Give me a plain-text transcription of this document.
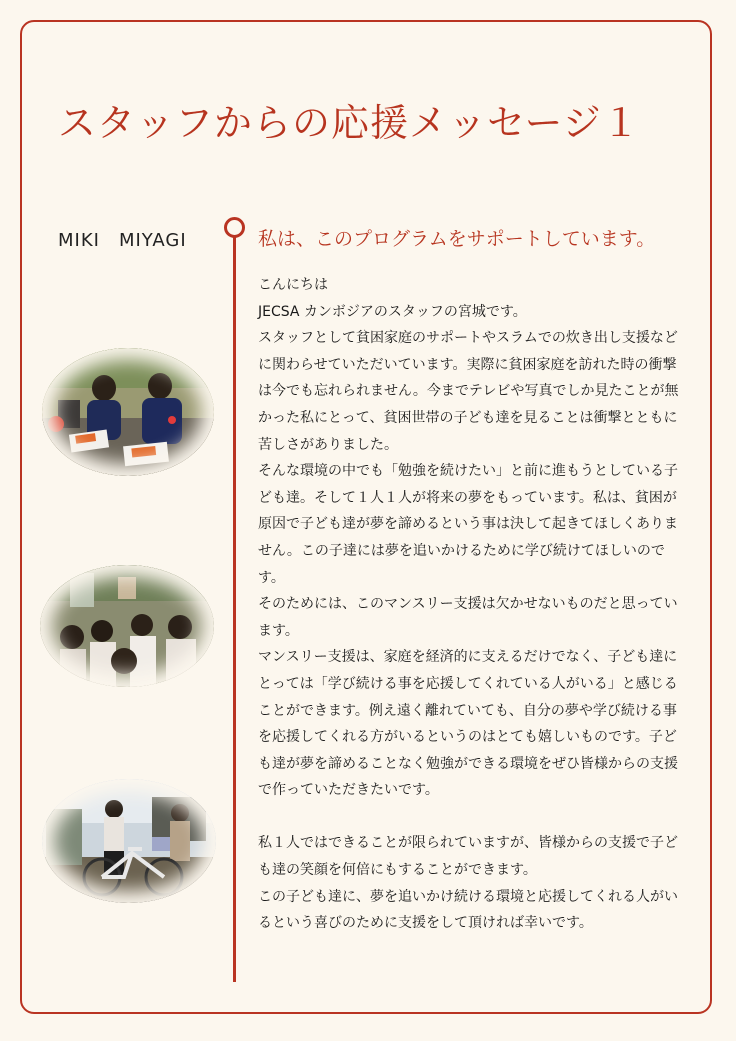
スタッフからの応援メッセージ１
MIKI　MIYAGI	私は、このプログラムをサポートしています。

こんにちは

JECSA カンボジアのスタッフの宮城です。

スタッフとして貧困家庭のサポートやスラムでの炊き出し支援などに関わらせていただいています。実際に貧困家庭を訪れた時の衝撃は今でも忘れられません。今までテレビや写真でしか見たことが無かった私にとって、貧困世帯の子ども達を見ることは衝撃とともに苦しさがありました。

そんな環境の中でも「勉強を続けたい」と前に進もうとしている子ども達。そして１人１人が将来の夢をもっています。私は、貧困が原因で子ども達が夢を諦めるという事は決して起きてほしくありません。この子達には夢を追いかけるために学び続けてほしいのです。

そのためには、このマンスリー支援は欠かせないものだと思っています。

マンスリー支援は、家庭を経済的に支えるだけでなく、子ども達にとっては「学び続ける事を応援してくれている人がいる」と感じることができます。例え遠く離れていても、自分の夢や学び続ける事を応援してくれる方がいるというのはとても嬉しいものです。子ども達が夢を諦めることなく勉強ができる環境をぜひ皆様からの支援で作っていただきたいです。

私１人ではできることが限られていますが、皆様からの支援で子ども達の笑顔を何倍にもすることができます。

この子ども達に、夢を追いかけ続ける環境と応援してくれる人がいるという喜びのために支援をして頂ければ幸いです。
